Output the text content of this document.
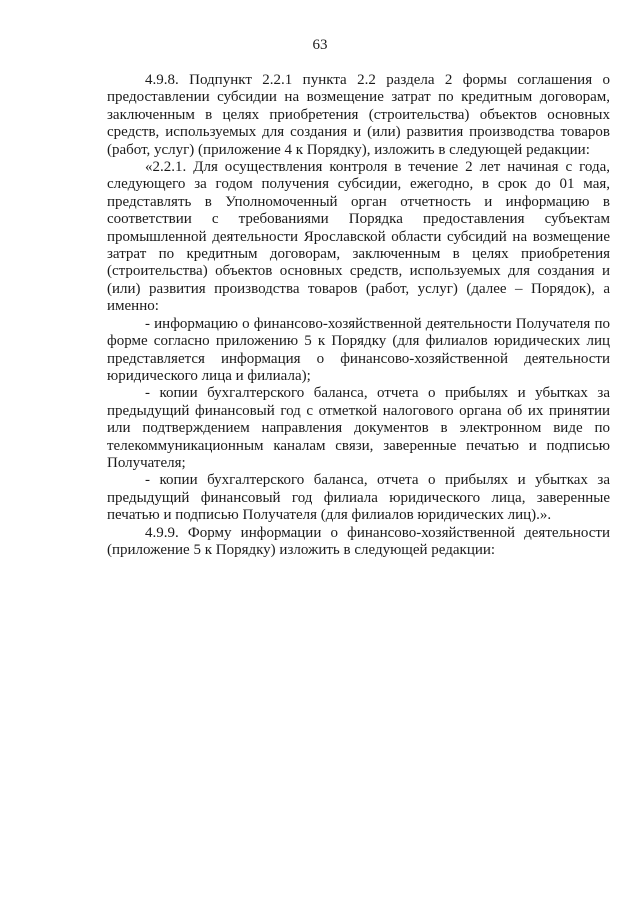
63

4.9.8. Подпункт 2.2.1 пункта 2.2 раздела 2 формы соглашения о предоставлении субсидии на возмещение затрат по кредитным договорам, заключенным в целях приобретения (строительства) объектов основных средств, используемых для создания и (или) развития производства товаров (работ, услуг) (приложение 4 к Порядку), изложить в следующей редакции:

«2.2.1. Для осуществления контроля в течение 2 лет начиная с года, следующего за годом получения субсидии, ежегодно, в срок до 01 мая, представлять в Уполномоченный орган отчетность и информацию в соответствии с требованиями Порядка предоставления субъектам промышленной деятельности Ярославской области субсидий на возмещение затрат по кредитным договорам, заключенным в целях приобретения (строительства) объектов основных средств, используемых для создания и (или) развития производства товаров (работ, услуг) (далее – Порядок), а именно:

- информацию о финансово-хозяйственной деятельности Получателя по форме согласно приложению 5 к Порядку (для филиалов юридических лиц представляется информация о финансово-хозяйственной деятельности юридического лица и филиала);

- копии бухгалтерского баланса, отчета о прибылях и убытках за предыдущий финансовый год с отметкой налогового органа об их принятии или подтверждением направления документов в электронном виде по телекоммуникационным каналам связи, заверенные печатью и подписью Получателя;

- копии бухгалтерского баланса, отчета о прибылях и убытках за предыдущий финансовый год филиала юридического лица, заверенные печатью и подписью Получателя (для филиалов юридических лиц).».

4.9.9. Форму информации о финансово-хозяйственной деятельности (приложение 5 к Порядку) изложить в следующей редакции:
